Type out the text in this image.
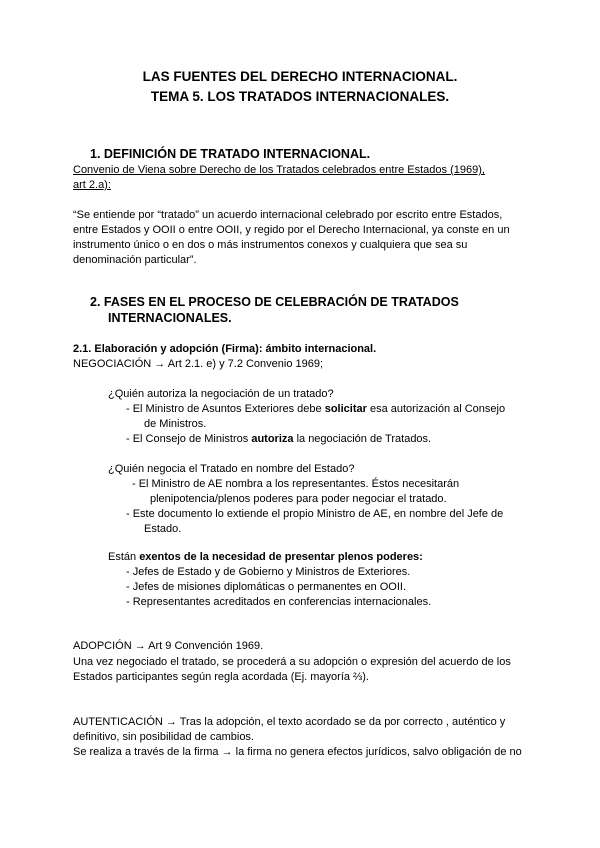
LAS FUENTES DEL DERECHO INTERNACIONAL.
TEMA 5. LOS TRATADOS INTERNACIONALES.
1. DEFINICIÓN DE TRATADO INTERNACIONAL.
Convenio de Viena sobre Derecho de los Tratados celebrados entre Estados (1969),
art 2.a):
“Se entiende por “tratado” un acuerdo internacional celebrado por escrito entre Estados,
entre Estados y OOII o entre OOII, y regido por el Derecho Internacional, ya conste en un
instrumento único o en dos o más instrumentos conexos y cualquiera que sea su
denominación particular”.
2. FASES EN EL PROCESO DE CELEBRACIÓN DE TRATADOS
INTERNACIONALES.
2.1. Elaboración y adopción (Firma): ámbito internacional.
NEGOCIACIÓN → Art 2.1. e) y 7.2 Convenio 1969;
¿Quién autoriza la negociación de un tratado?
- El Ministro de Asuntos Exteriores debe solicitar esa autorización al Consejo
de Ministros.
- El Consejo de Ministros autoriza la negociación de Tratados.
¿Quién negocia el Tratado en nombre del Estado?
- El Ministro de AE nombra a los representantes. Éstos necesitarán
plenipotencia/plenos poderes para poder negociar el tratado.
- Este documento lo extiende el propio Ministro de AE, en nombre del Jefe de
Estado.
Están exentos de la necesidad de presentar plenos poderes:
- Jefes de Estado y de Gobierno y Ministros de Exteriores.
- Jefes de misiones diplomáticas o permanentes en OOII.
- Representantes acreditados en conferencias internacionales.
ADOPCIÓN → Art 9 Convención 1969.
Una vez negociado el tratado, se procederá a su adopción o expresión del acuerdo de los
Estados participantes según regla acordada (Ej. mayoría ⅔).
AUTENTICACIÓN → Tras la adopción, el texto acordado se da por correcto , auténtico y
definitivo, sin posibilidad de cambios.
Se realiza a través de la firma → la firma no genera efectos jurídicos, salvo obligación de no
